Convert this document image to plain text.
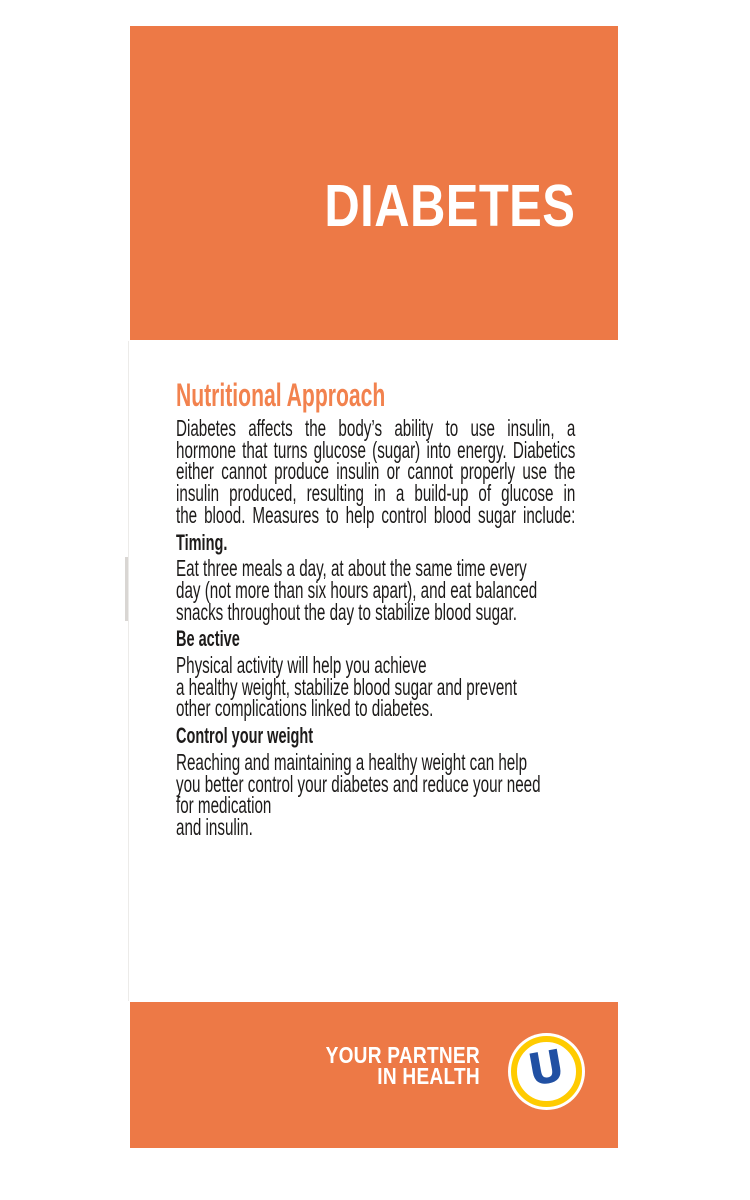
DIABETES
Nutritional Approach
Diabetes affects the body’s ability to use insulin, a
hormone that turns glucose (sugar) into energy. Diabetics
either cannot produce insulin or cannot properly use the
insulin produced, resulting in a build-up of glucose in
the blood. Measures to help control blood sugar include:
Timing.
Eat three meals a day, at about the same time every
day (not more than six hours apart), and eat balanced
snacks throughout the day to stabilize blood sugar.
Be active
Physical activity will help you achieve
a healthy weight, stabilize blood sugar and prevent
other complications linked to diabetes.
Control your weight
Reaching and maintaining a healthy weight can help
you better control your diabetes and reduce your need
for medication
and insulin.
YOUR PARTNER
IN HEALTH U
